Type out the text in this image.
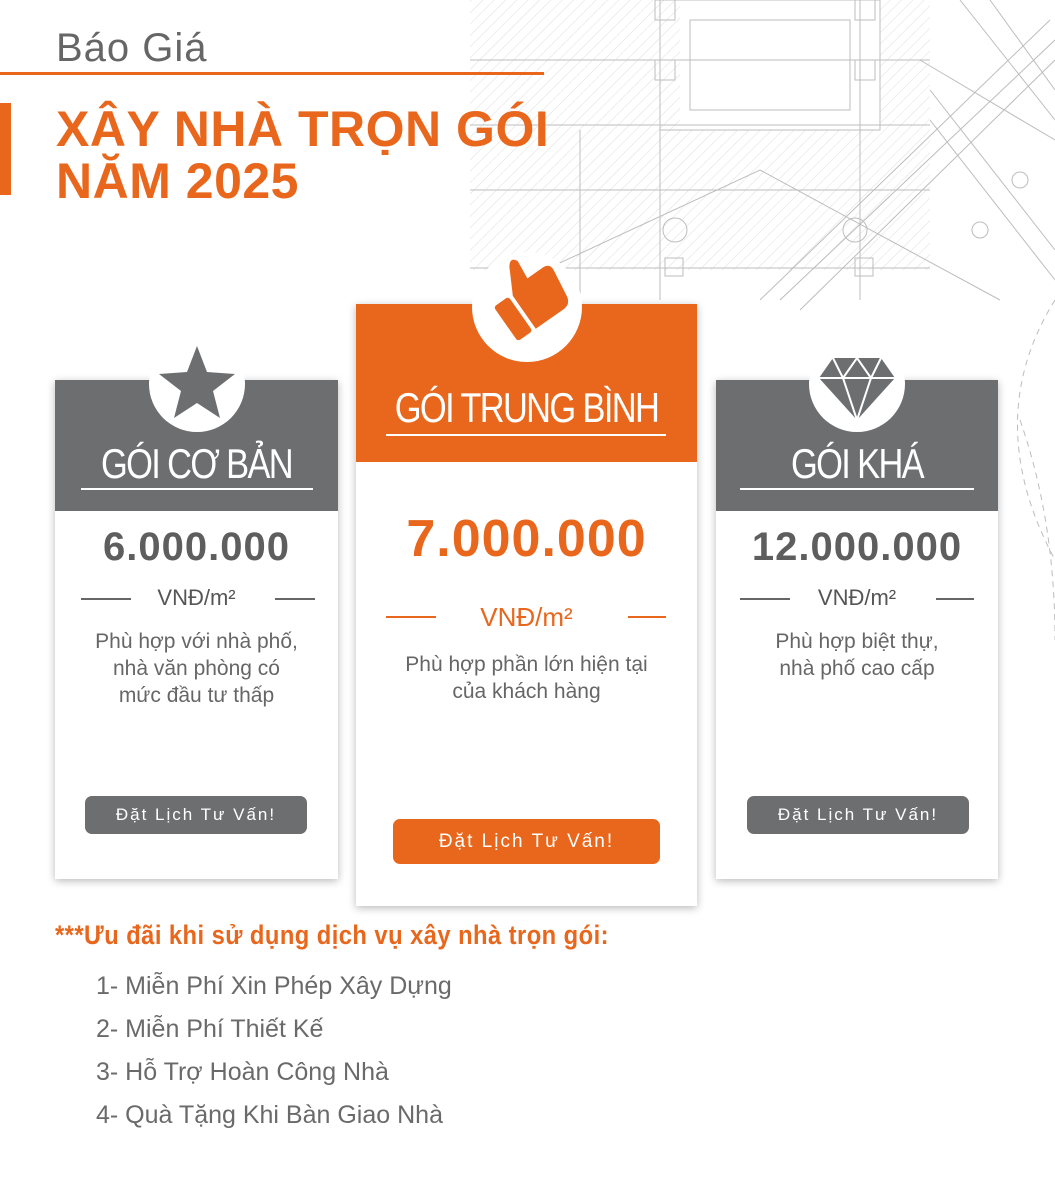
Báo Giá
XÂY NHÀ TRỌN GÓI
NĂM 2025
GÓI CƠ BẢN
6.000.000
VNĐ/m²
Phù hợp với nhà phố,
nhà văn phòng có
mức đầu tư thấp
Đặt Lịch Tư Vấn!
GÓI TRUNG BÌNH
7.000.000
VNĐ/m²
Phù hợp phần lớn hiện tại
của khách hàng
Đặt Lịch Tư Vấn!
GÓI KHÁ
12.000.000
VNĐ/m²
Phù hợp biệt thự,
nhà phố cao cấp
Đặt Lịch Tư Vấn!
***Ưu đãi khi sử dụng dịch vụ xây nhà trọn gói:
1- Miễn Phí Xin Phép Xây Dựng
2- Miễn Phí Thiết Kế
3- Hỗ Trợ Hoàn Công Nhà
4- Quà Tặng Khi Bàn Giao Nhà
